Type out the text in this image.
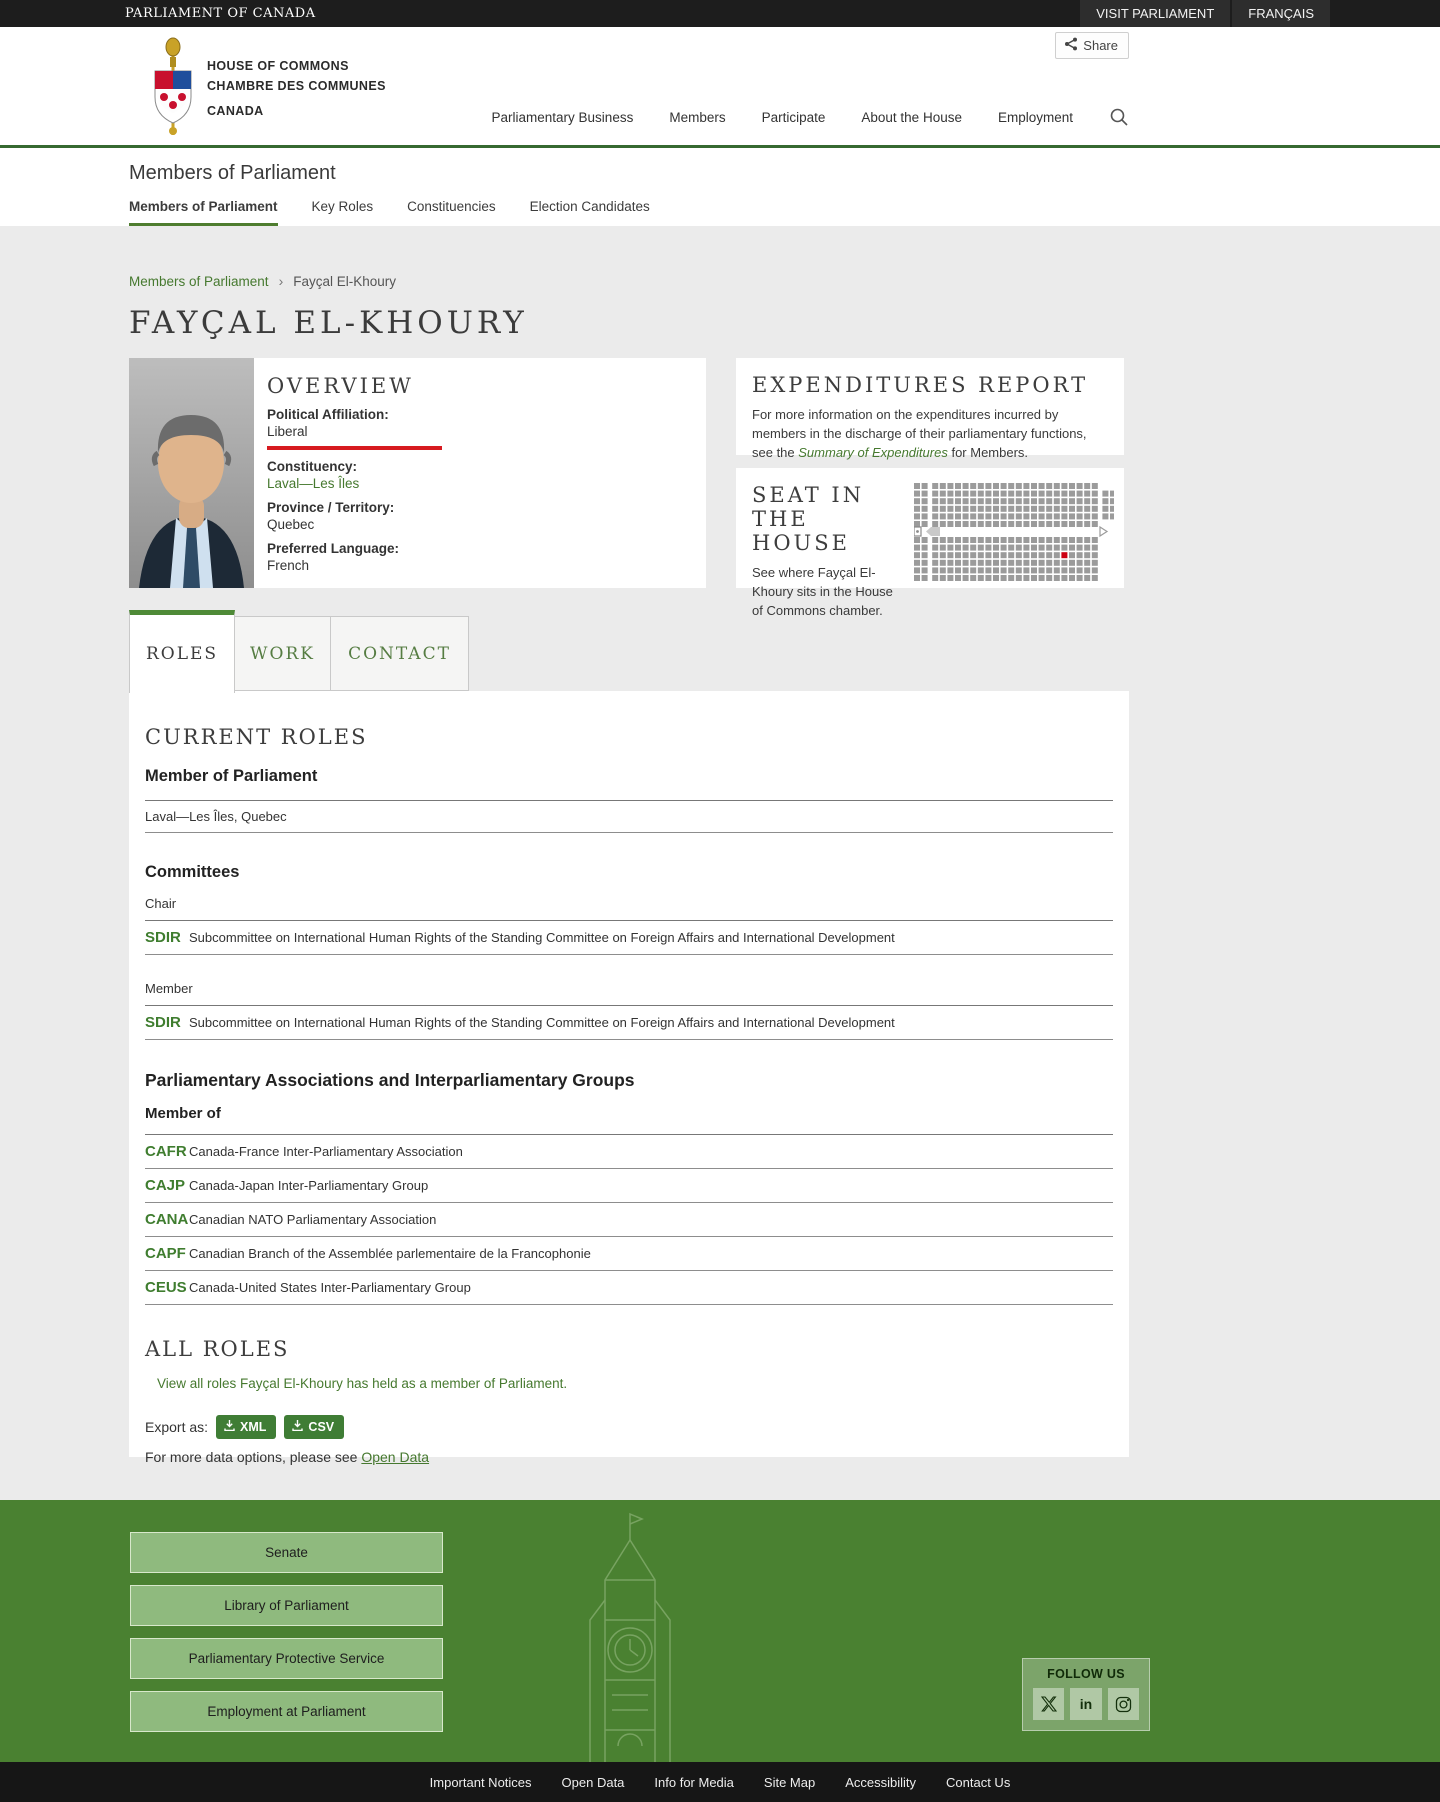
PARLIAMENT OF CANADA	VISIT PARLIAMENT	FRANÇAIS
HOUSE OF COMMONS
CHAMBRE DES COMMUNES
CANADA
Share
Parliamentary Business	Members	Participate	About the House	Employment
Members of Parliament
Members of Parliament	Key Roles	Constituencies	Election Candidates
Members of Parliament › Fayçal El-Khoury
FAYÇAL EL-KHOURY
OVERVIEW
Political Affiliation:
Liberal
Constituency:
Laval—Les Îles
Province / Territory:
Quebec
Preferred Language:
French
EXPENDITURES REPORT
For more information on the expenditures incurred by members in the discharge of their parliamentary functions, see the Summary of Expenditures for Members.
SEAT IN THE HOUSE
See where Fayçal El-Khoury sits in the House of Commons chamber.
ROLES	WORK	CONTACT
CURRENT ROLES
Member of Parliament
Laval—Les Îles, Quebec
Committees
Chair
SDIR Subcommittee on International Human Rights of the Standing Committee on Foreign Affairs and International Development
Member
SDIR Subcommittee on International Human Rights of the Standing Committee on Foreign Affairs and International Development
Parliamentary Associations and Interparliamentary Groups
Member of
CAFR Canada-France Inter-Parliamentary Association
CAJP Canada-Japan Inter-Parliamentary Group
CANA Canadian NATO Parliamentary Association
CAPF Canadian Branch of the Assemblée parlementaire de la Francophonie
CEUS Canada-United States Inter-Parliamentary Group
ALL ROLES
View all roles Fayçal El-Khoury has held as a member of Parliament.
Export as:	XML	CSV
For more data options, please see Open Data
Senate
Library of Parliament
Parliamentary Protective Service
Employment at Parliament
FOLLOW US
in
Important Notices Open Data Info for Media Site Map Accessibility Contact Us
